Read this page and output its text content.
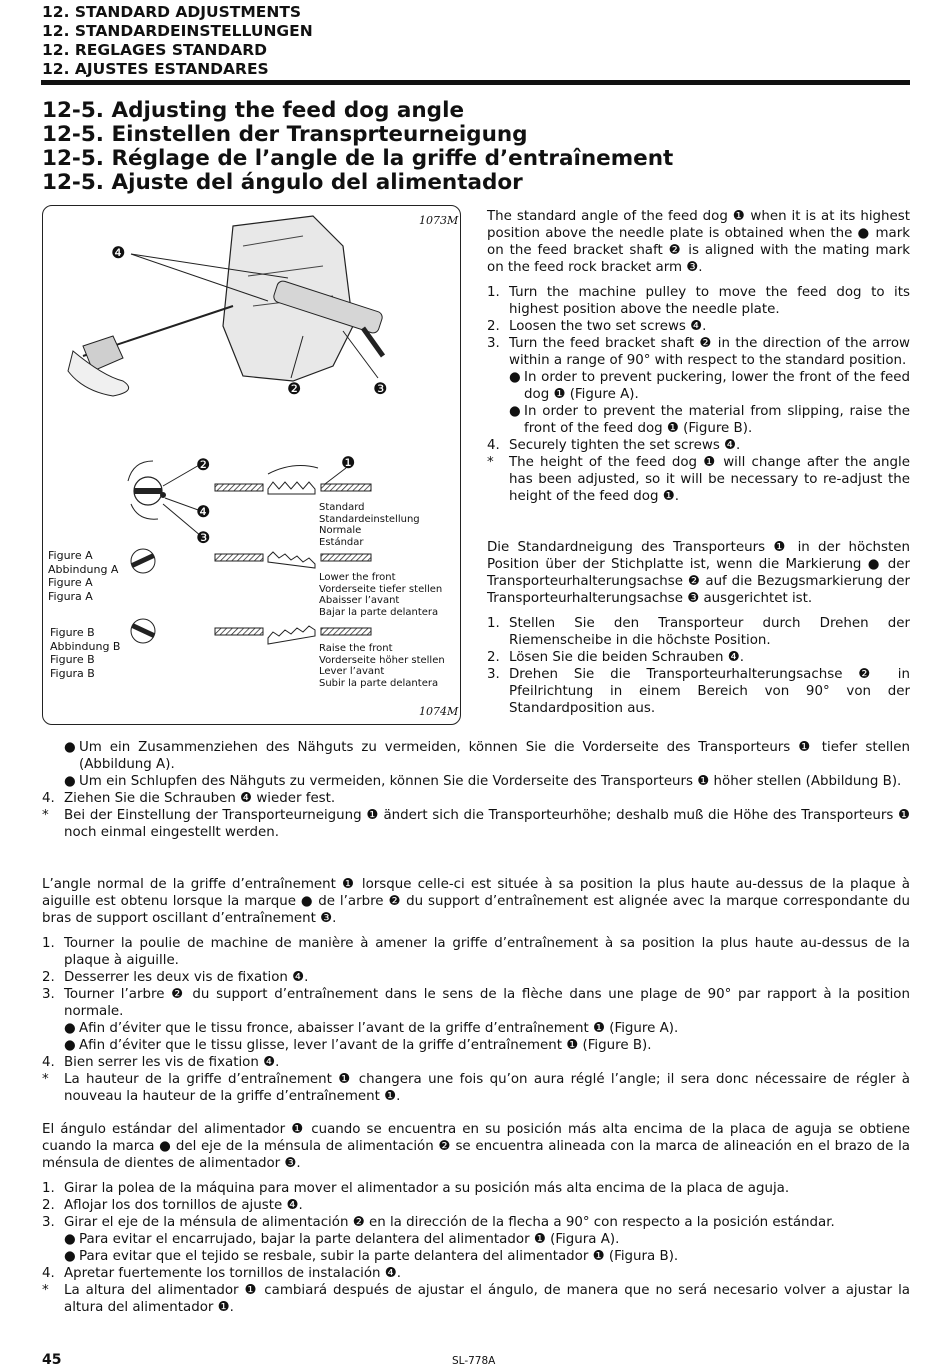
12. STANDARD ADJUSTMENTS
12. STANDARDEINSTELLUNGEN
12. REGLAGES STANDARD
12. AJUSTES ESTANDARES
12-5. Adjusting the feed dog angle
12-5. Einstellen der Transprteurneigung
12-5. Réglage de l’angle de la griffe d’entraînement
12-5. Ajuste del ángulo del alimentador
1073M
1074M
❹
❷	❸
❷
❹
❸
❶
Figure A
Abbindung A
Figure A
Figura A
Figure B
Abbindung B
Figure B
Figura B
Standard
Standardeinstellung
Normale
Estándar
Lower the front
Vorderseite tiefer stellen
Abaisser l’avant
Bajar la parte delantera
Raise the front
Vorderseite höher stellen
Lever l’avant
Subir la parte delantera

The standard angle of the feed dog ❶ when it is at its highest position above the needle plate is obtained when the ● mark on the feed bracket shaft ❷ is aligned with the mating mark on the feed rock bracket arm ❸.

1. Turn the machine pulley to move the feed dog to its highest position above the needle plate.
2. Loosen the two set screws ❹.
3. Turn the feed bracket shaft ❷ in the direction of the arrow within a range of 90° with respect to the standard position.
● In order to prevent puckering, lower the front of the feed dog ❶ (Figure A).
● In order to prevent the material from slipping, raise the front of the feed dog ❶ (Figure B).
4. Securely tighten the set screws ❹.
*	The height of the feed dog ❶ will change after the angle has been adjusted, so it will be necessary to re-adjust the height of the feed dog ❶.

Die Standardneigung des Transporteurs ❶ in der höchsten Position über der Stichplatte ist, wenn die Markierung ● der Transporteurhalterungsachse ❷ auf die Bezugsmarkierung der Transporteurhalterungsachse ❸ ausgerichtet ist.

1. Stellen Sie den Transporteur durch Drehen der Riemenscheibe in die höchste Position.
2. Lösen Sie die beiden Schrauben ❹.
3. Drehen Sie die Transporteurhalterungsachse ❷ in Pfeilrichtung in einem Bereich von 90° von der Standardposition aus.
● Um ein Zusammenziehen des Nähguts zu vermeiden, können Sie die Vorderseite des Transporteurs ❶ tiefer stellen (Abbildung A).
● Um ein Schlupfen des Nähguts zu vermeiden, können Sie die Vorderseite des Transporteurs ❶ höher stellen (Abbildung B).
4. Ziehen Sie die Schrauben ❹ wieder fest.
*	Bei der Einstellung der Transporteurneigung ❶ ändert sich die Transporteurhöhe; deshalb muß die Höhe des Transporteurs ❶ noch einmal eingestellt werden.

L’angle normal de la griffe d’entraînement ❶ lorsque celle-ci est située à sa position la plus haute au-dessus de la plaque à aiguille est obtenu lorsque la marque ● de l’arbre ❷ du support d’entraînement est alignée avec la marque correspondante du bras de support oscillant d’entraînement ❸.

1. Tourner la poulie de machine de manière à amener la griffe d’entraînement à sa position la plus haute au-dessus de la plaque à aiguille.
2. Desserrer les deux vis de fixation ❹.
3. Tourner l’arbre ❷ du support d’entraînement dans le sens de la flèche dans une plage de 90° par rapport à la position normale.
● Afin d’éviter que le tissu fronce, abaisser l’avant de la griffe d’entraînement ❶ (Figure A).
● Afin d’éviter que le tissu glisse, lever l’avant de la griffe d’entraînement ❶ (Figure B).
4. Bien serrer les vis de fixation ❹.
*	La hauteur de la griffe d’entraînement ❶ changera une fois qu’on aura réglé l’angle; il sera donc nécessaire de régler à nouveau la hauteur de la griffe d’entraînement ❶.

El ángulo estándar del alimentador ❶ cuando se encuentra en su posición más alta encima de la placa de aguja se obtiene cuando la marca ● del eje de la ménsula de alimentación ❷ se encuentra alineada con la marca de alineación en el brazo de la ménsula de dientes de alimentador ❸.

1. Girar la polea de la máquina para mover el alimentador a su posición más alta encima de la placa de aguja.
2. Aflojar los dos tornillos de ajuste ❹.
3. Girar el eje de la ménsula de alimentación ❷ en la dirección de la flecha a 90° con respecto a la posición estándar.
● Para evitar el encarrujado, bajar la parte delantera del alimentador ❶ (Figura A).
● Para evitar que el tejido se resbale, subir la parte delantera del alimentador ❶ (Figura B).
4. Apretar fuertemente los tornillos de instalación ❹.
*	La altura del alimentador ❶ cambiará después de ajustar el ángulo, de manera que no será necesario volver a ajustar la altura del alimentador ❶.
45	SL-778A
